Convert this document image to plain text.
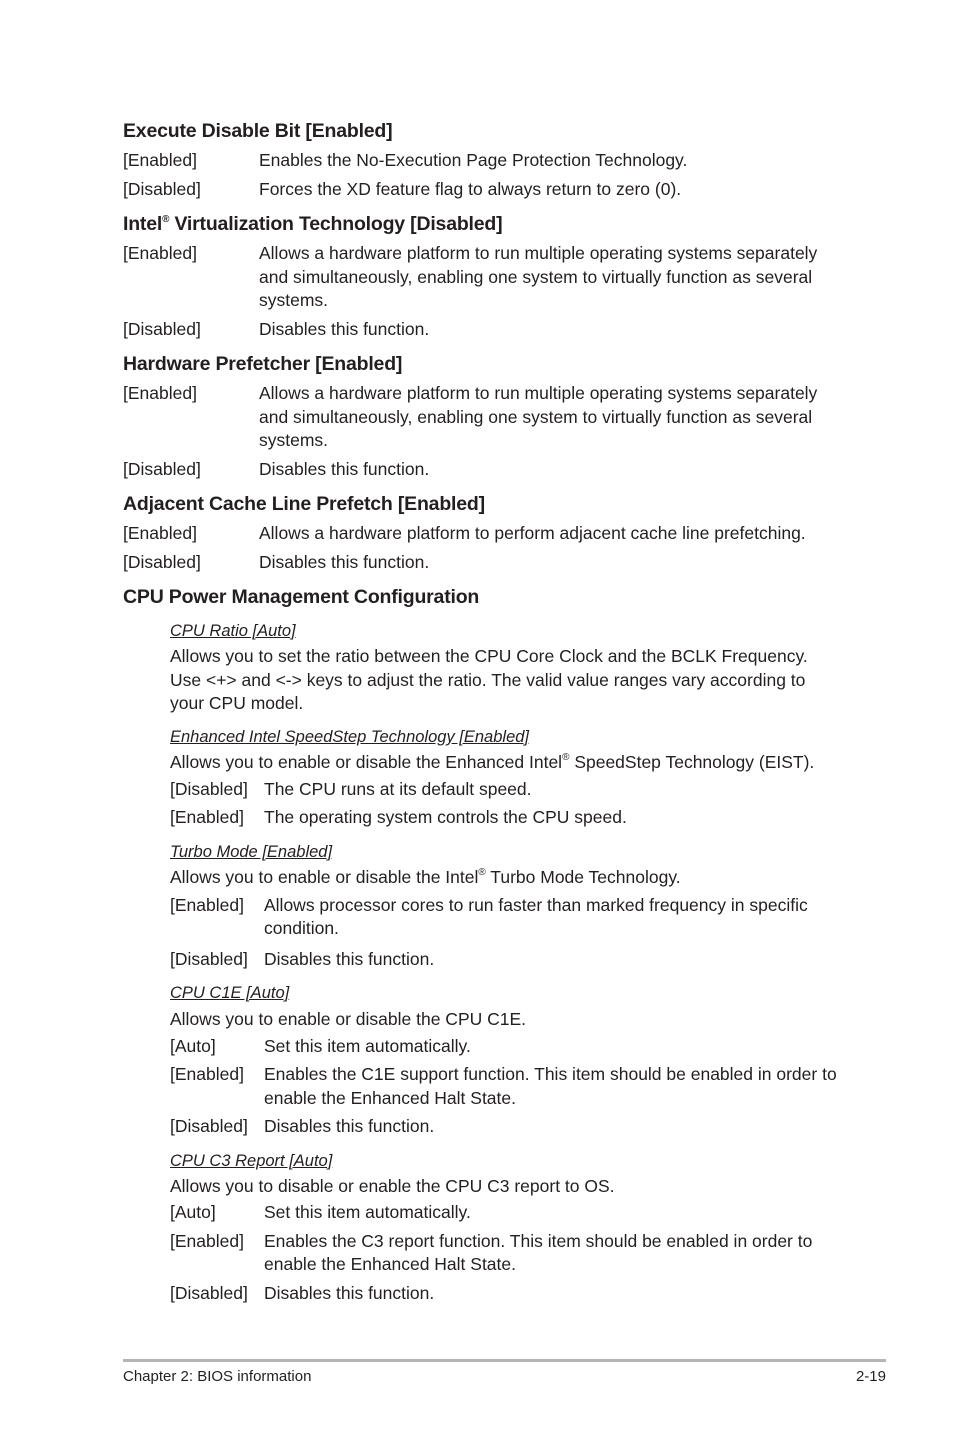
Execute Disable Bit [Enabled]
[Enabled]	Enables the No-Execution Page Protection Technology.
[Disabled]	Forces the XD feature flag to always return to zero (0).
Intel® Virtualization Technology [Disabled]
[Enabled]	Allows a hardware platform to run multiple operating systems separately and simultaneously, enabling one system to virtually function as several systems.
[Disabled]	Disables this function.
Hardware Prefetcher [Enabled]
[Enabled]	Allows a hardware platform to run multiple operating systems separately and simultaneously, enabling one system to virtually function as several systems.
[Disabled]	Disables this function.
Adjacent Cache Line Prefetch [Enabled]
[Enabled]	Allows a hardware platform to perform adjacent cache line prefetching.
[Disabled]	Disables this function.
CPU Power Management Configuration
CPU Ratio [Auto]
Allows you to set the ratio between the CPU Core Clock and the BCLK Frequency. Use <+> and <-> keys to adjust the ratio. The valid value ranges vary according to your CPU model.
Enhanced Intel SpeedStep Technology [Enabled]
Allows you to enable or disable the Enhanced Intel® SpeedStep Technology (EIST).
[Disabled] The CPU runs at its default speed.
[Enabled]	The operating system controls the CPU speed.
Turbo Mode [Enabled]
Allows you to enable or disable the Intel® Turbo Mode Technology.
[Enabled]	Allows processor cores to run faster than marked frequency in specific condition.
[Disabled] Disables this function.
CPU C1E [Auto]
Allows you to enable or disable the CPU C1E.
[Auto]	Set this item automatically.
[Enabled]	Enables the C1E support function. This item should be enabled in order to enable the Enhanced Halt State.
[Disabled] Disables this function.
CPU C3 Report [Auto]
Allows you to disable or enable the CPU C3 report to OS.
[Auto]	Set this item automatically.
[Enabled]	Enables the C3 report function. This item should be enabled in order to enable the Enhanced Halt State.
[Disabled] Disables this function.
Chapter 2: BIOS information	2-19
